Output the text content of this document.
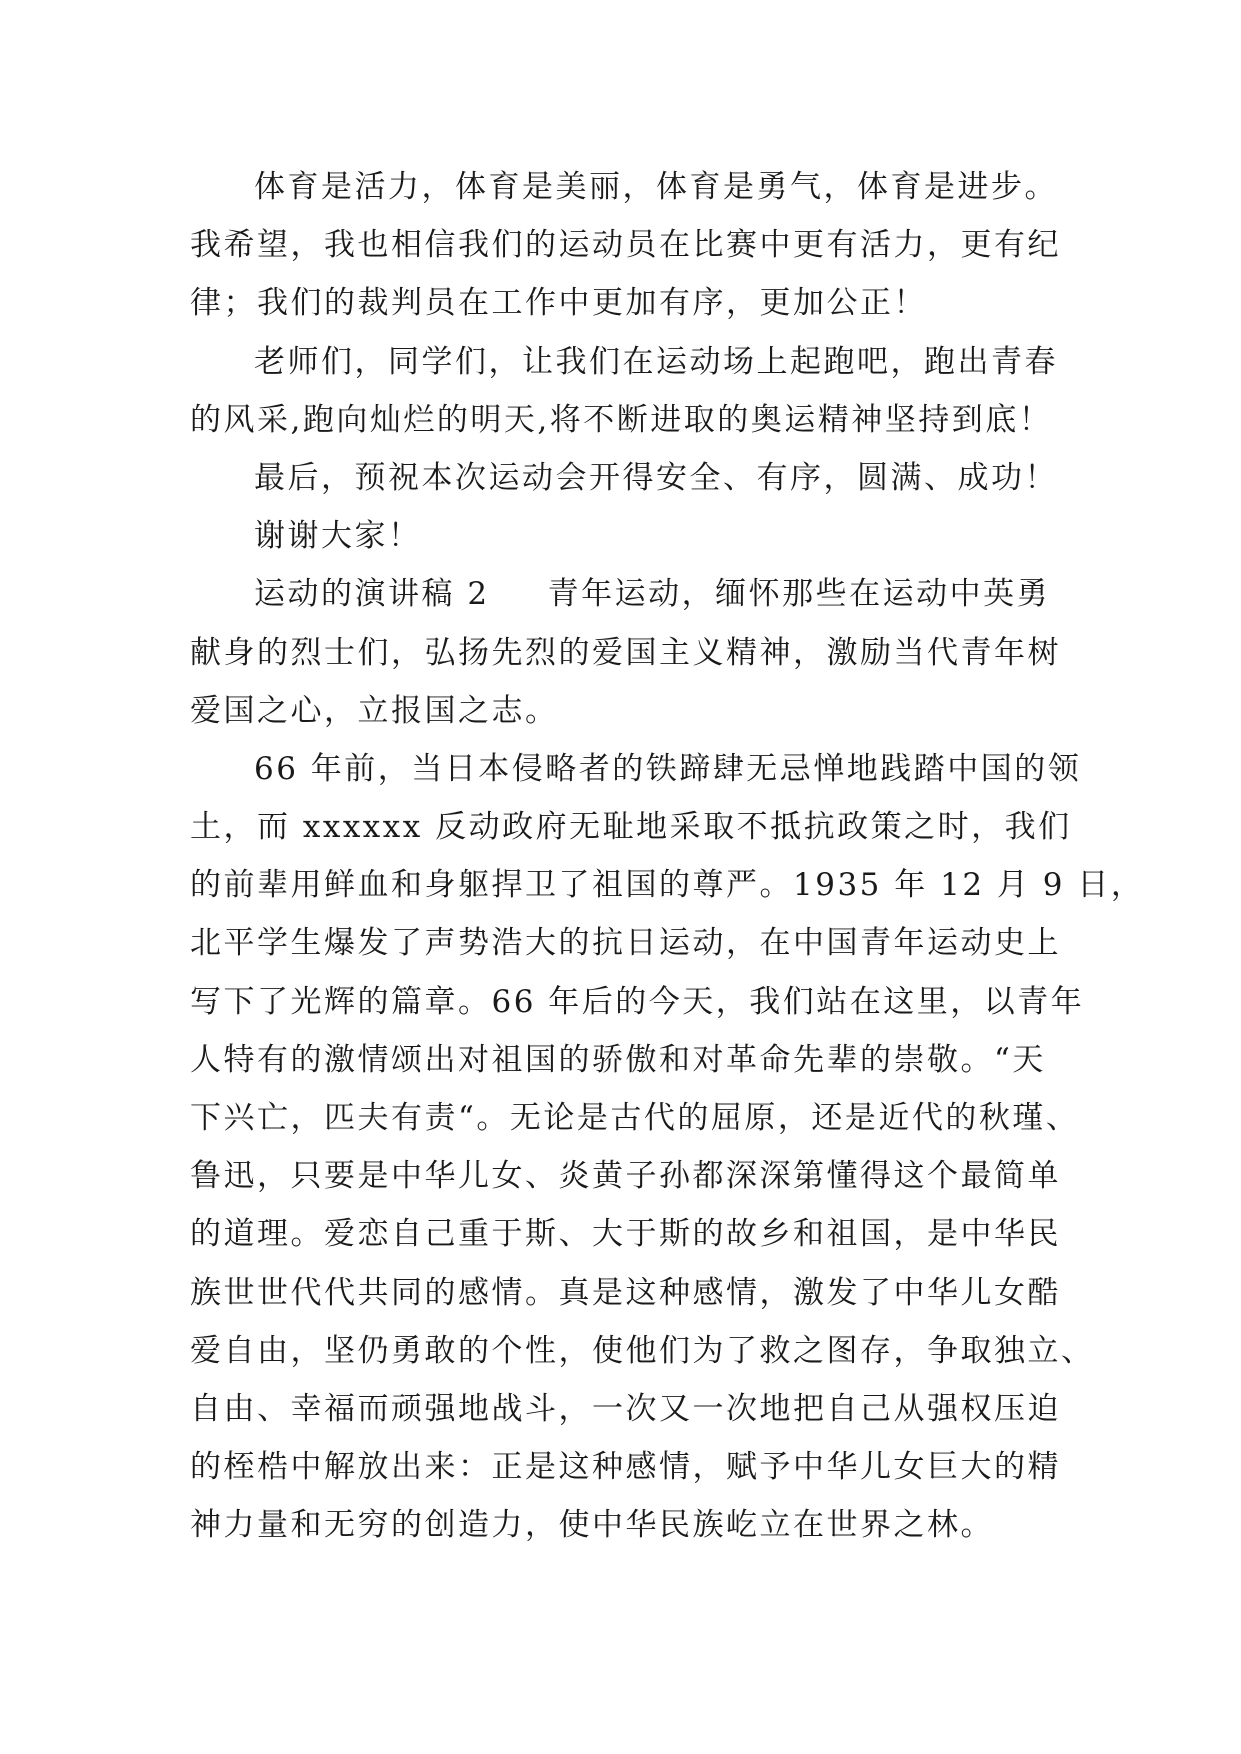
体育是活力，体育是美丽，体育是勇气，体育是进步。
我希望，我也相信我们的运动员在比赛中更有活力，更有纪
律；我们的裁判员在工作中更加有序，更加公正！
老师们，同学们，让我们在运动场上起跑吧，跑出青春
的风采,跑向灿烂的明天,将不断进取的奥运精神坚持到底！
最后，预祝本次运动会开得安全、有序，圆满、成功！
谢谢大家！
运动的演讲稿 2 青年运动，缅怀那些在运动中英勇
献身的烈士们，弘扬先烈的爱国主义精神，激励当代青年树
爱国之心，立报国之志。
66 年前，当日本侵略者的铁蹄肆无忌惮地践踏中国的领
土，而 xxxxxx 反动政府无耻地采取不抵抗政策之时，我们
的前辈用鲜血和身躯捍卫了祖国的尊严。1935 年 12 月 9 日，
北平学生爆发了声势浩大的抗日运动，在中国青年运动史上
写下了光辉的篇章。66 年后的今天，我们站在这里，以青年
人特有的激情颂出对祖国的骄傲和对革命先辈的崇敬。“天
下兴亡，匹夫有责“。无论是古代的屈原，还是近代的秋瑾、
鲁迅，只要是中华儿女、炎黄子孙都深深第懂得这个最简单
的道理。爱恋自己重于斯、大于斯的故乡和祖国，是中华民
族世世代代共同的感情。真是这种感情，激发了中华儿女酷
爱自由，坚仍勇敢的个性，使他们为了救之图存，争取独立、
自由、幸福而顽强地战斗，一次又一次地把自己从强权压迫
的桎梏中解放出来：正是这种感情，赋予中华儿女巨大的精
神力量和无穷的创造力，使中华民族屹立在世界之林。
